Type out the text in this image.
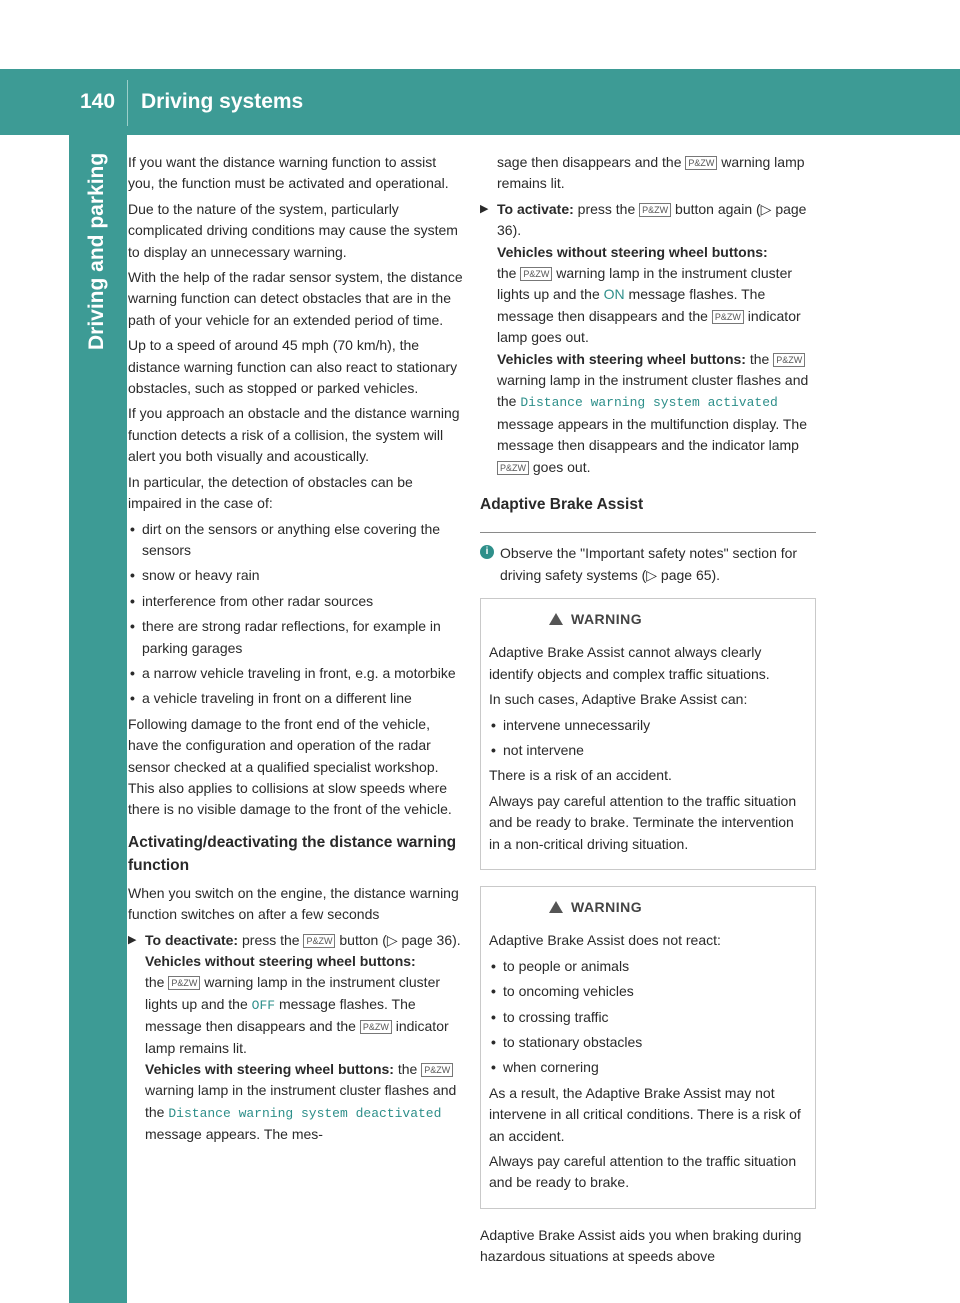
140 Driving systems
Driving and parking If you want the distance warning function to assist you, the function must be activated and operational.

Due to the nature of the system, particularly complicated driving conditions may cause the system to display an unnecessary warning.

With the help of the radar sensor system, the distance warning function can detect obstacles that are in the path of your vehicle for an extended period of time.

Up to a speed of around 45 mph (70 km/h), the distance warning function can also react to stationary obstacles, such as stopped or parked vehicles.

If you approach an obstacle and the distance warning function detects a risk of a collision, the system will alert you both visually and acoustically.

In particular, the detection of obstacles can be impaired in the case of:

• dirt on the sensors or anything else covering the sensors
• snow or heavy rain
• interference from other radar sources
• there are strong radar reflections, for example in parking garages
• a narrow vehicle traveling in front, e.g. a motorbike
• a vehicle traveling in front on a different line

Following damage to the front end of the vehicle, have the configuration and operation of the radar sensor checked at a qualified specialist workshop. This also applies to collisions at slow speeds where there is no visible damage to the front of the vehicle.

Activating/deactivating the distance warning function

When you switch on the engine, the distance warning function switches on after a few seconds

▶ To deactivate: press the P&ZW button (▷ page 36).
Vehicles without steering wheel buttons:
the P&ZW warning lamp in the instrument cluster lights up and the OFF message flashes. The message then disappears and the P&ZW indicator lamp remains lit.
Vehicles with steering wheel buttons: the P&ZW warning lamp in the instrument cluster flashes and the Distance warning system deactivated message appears. The mes-
sage then disappears and the P&ZW warning lamp remains lit.
▶ To activate: press the P&ZW button again (▷ page 36).
Vehicles without steering wheel buttons:
the P&ZW warning lamp in the instrument cluster lights up and the ON message flashes. The message then disappears and the P&ZW indicator lamp goes out.
Vehicles with steering wheel buttons: the P&ZW warning lamp in the instrument cluster flashes and the Distance warning system activated message appears in the multifunction display. The message then disappears and the indicator lamp P&ZW goes out.
Adaptive Brake Assist
i Observe the "Important safety notes" section for driving safety systems (▷ page 65).
WARNING

Adaptive Brake Assist cannot always clearly identify objects and complex traffic situations.

In such cases, Adaptive Brake Assist can:

• intervene unnecessarily
• not intervene

There is a risk of an accident.

Always pay careful attention to the traffic situation and be ready to brake. Terminate the intervention in a non-critical driving situation.

WARNING

Adaptive Brake Assist does not react:

• to people or animals
• to oncoming vehicles
• to crossing traffic
• to stationary obstacles
• when cornering

As a result, the Adaptive Brake Assist may not intervene in all critical conditions. There is a risk of an accident.

Always pay careful attention to the traffic situation and be ready to brake.

Adaptive Brake Assist aids you when braking during hazardous situations at speeds above
